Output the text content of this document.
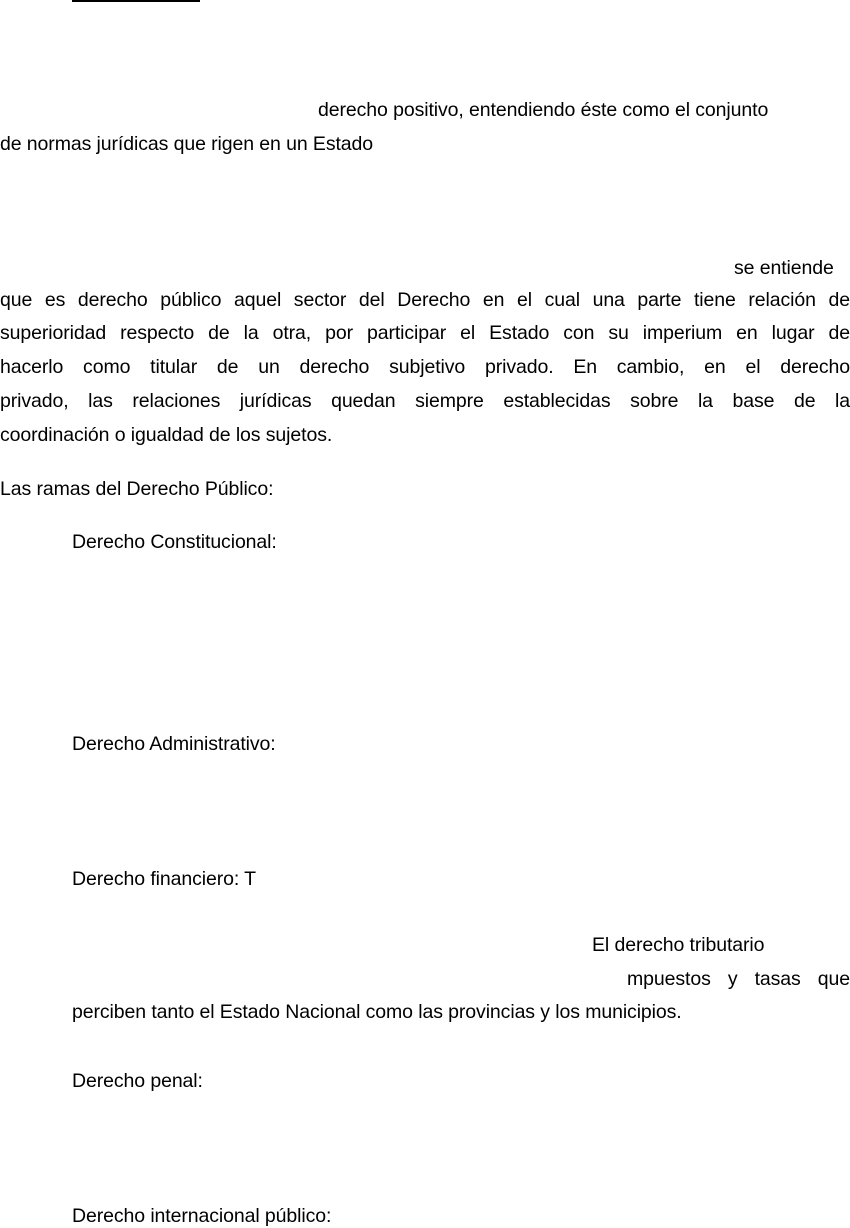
derecho positivo, entendiendo éste como el conjunto
de normas jurídicas que rigen en un Estado
se entiende
que es derecho público aquel sector del Derecho en el cual una parte tiene relación de
superioridad respecto de la otra, por participar el Estado con su imperium en lugar de
hacerlo como titular de un derecho subjetivo privado. En cambio, en el derecho
privado, las relaciones jurídicas quedan siempre establecidas sobre la base de la
coordinación o igualdad de los sujetos.
Las ramas del Derecho Público:
Derecho Constitucional:
Derecho Administrativo:
Derecho financiero: T
El derecho tributario
mpuestos y tasas que
perciben tanto el Estado Nacional como las provincias y los municipios.
Derecho penal:
Derecho internacional público:
